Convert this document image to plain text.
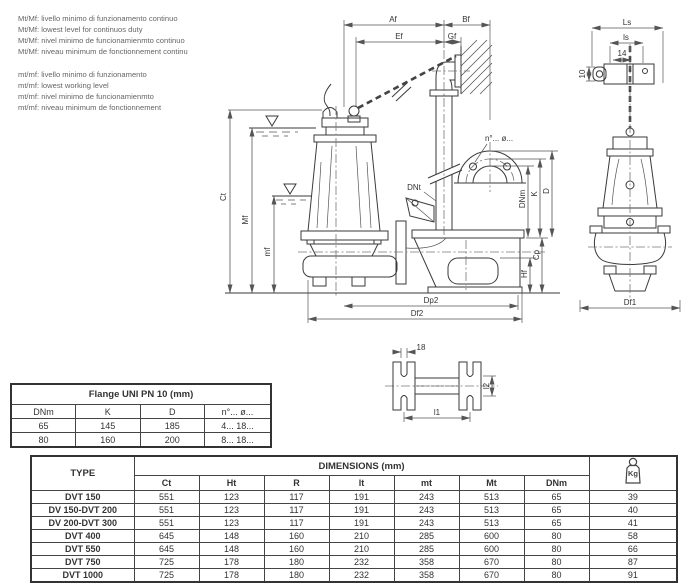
Mt/Mf: livello minimo di funzionamento continuo
Mt/Mf: lowest level for continuos duty
Mt/Mf: nivel minimo de funcionamienmto continuo
Mt/Mf: niveau minimum de fonctionnement continu
mt/mf: livello minimo di funzionamento
mt/mf: lowest working level
mt/mf: nivel minimo de funcionamienmto
mt/mf: niveau minimum de fonctionnement
Af	Bf
Ef	Gf
Ct
Mf
mf
DNt
Dp2
Df2
Hf
Cp
n°... ø...
DNm K
D
Ls
ls
14
10
Df1
18
l1
l2
Flange UNI PN 10 (mm)			
DNm	K	D	n°... ø...
65	145	185	4... 18...
80	160	200	8... 18...
TYPE	DIMENSIONS (mm)							Kg

	Ct	Ht	R	lt	mt	Mt	DNm	
DVT 150	551	123	117	191	243	513	65	39
DV 150-DVT 200	551	123	117	191	243	513	65	40
DV 200-DVT 300	551	123	117	191	243	513	65	41
DVT 400	645	148	160	210	285	600	80	58
DVT 550	645	148	160	210	285	600	80	66
DVT 750	725	178	180	232	358	670	80	87
DVT 1000	725	178	180	232	358	670	80	91
